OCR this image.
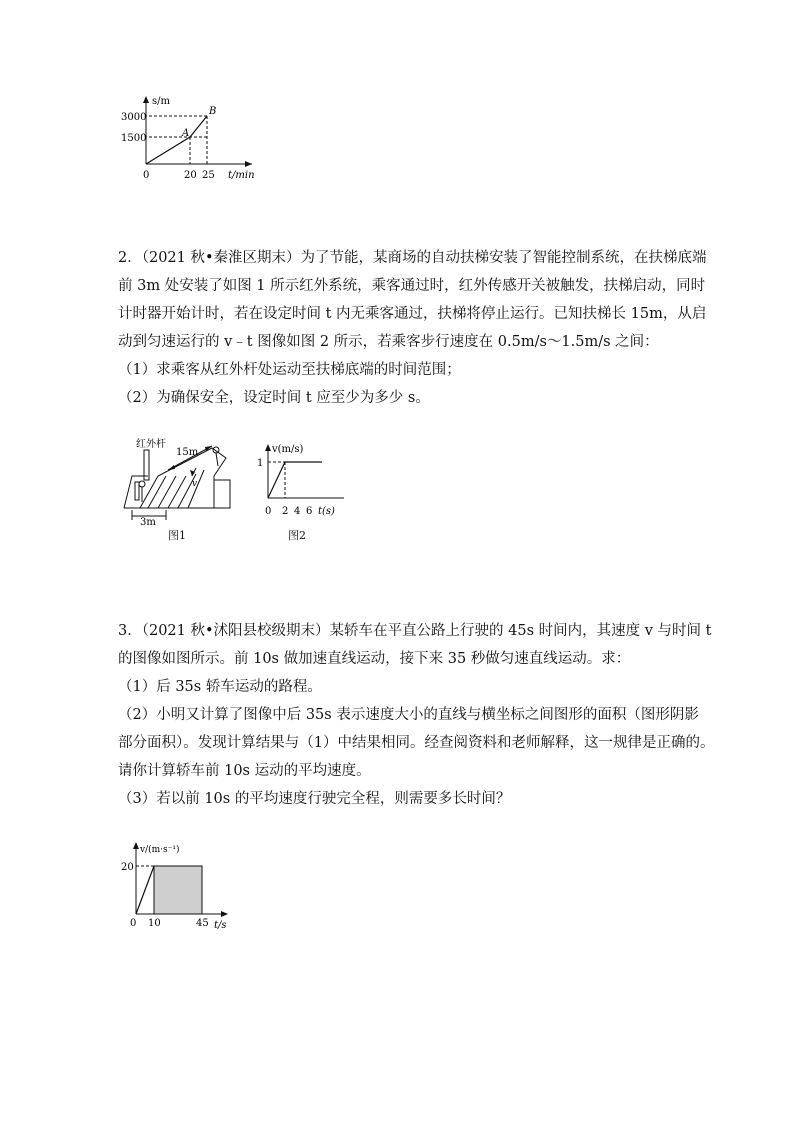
s/m
3000
1500
0	20 25 t/min
A
B
2．（2021 秋•秦淮区期末）为了节能，某商场的自动扶梯安装了智能控制系统，在扶梯底端
前 3m 处安装了如图 1 所示红外系统，乘客通过时，红外传感开关被触发，扶梯启动，同时
计时器开始计时，若在设定时间 t 内无乘客通过，扶梯将停止运行。已知扶梯长 15m，从启
动到匀速运行的 v﹣t 图像如图 2 所示，若乘客步行速度在 0.5m/s～1.5m/s 之间：
（1）求乘客从红外杆处运动至扶梯底端的时间范围；
（2）为确保安全，设定时间 t 应至少为多少 s。
红外杆
15m
v
3m
图1
v(m/s)
1
0 2 4 6 t(s)
图2
3．（2021 秋•沭阳县校级期末）某轿车在平直公路上行驶的 45s 时间内，其速度 v 与时间 t
的图像如图所示。前 10s 做加速直线运动，接下来 35 秒做匀速直线运动。求：
（1）后 35s 轿车运动的路程。
（2）小明又计算了图像中后 35s 表示速度大小的直线与横坐标之间图形的面积（图形阴影
部分面积）。发现计算结果与（1）中结果相同。经查阅资料和老师解释，这一规律是正确的。
请你计算轿车前 10s 运动的平均速度。
（3）若以前 10s 的平均速度行驶完全程，则需要多长时间？
v/(m·s⁻¹)
20
0 10	45 t/s
